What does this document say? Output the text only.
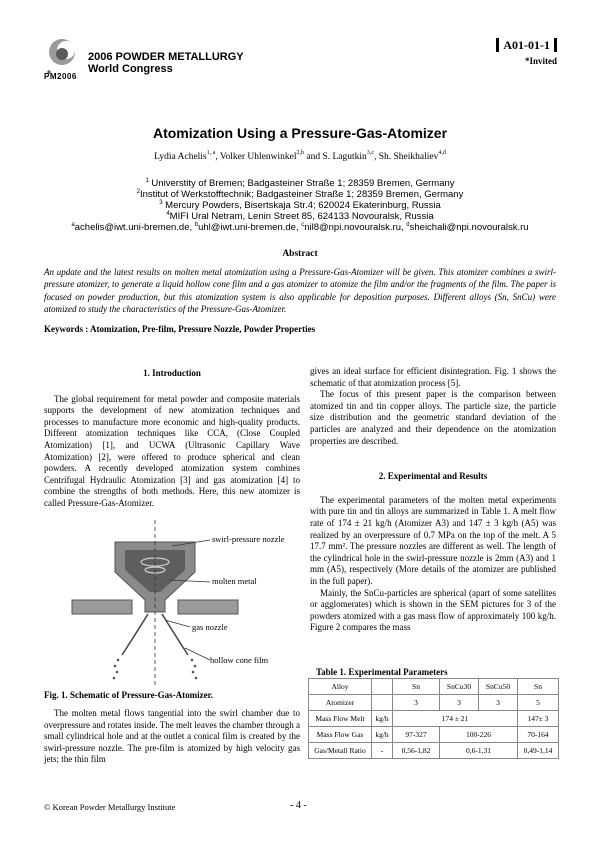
PM2006
2006 POWDER METALLURGY
World Congress
A01-01-1
*Invited
Atomization Using a Pressure-Gas-Atomizer
Lydia Achelis$^{1, a}$, Volker Uhlenwinkel$^{2,b}$ and S. Lagutkin$^{3,c}$, Sh. Sheikhaliev$^{4,d}$
$^1$ Universtity of Bremen; Badgasteiner Straße 1; 28359 Bremen, Germany
$^2$Institut of Werkstofftechnik; Badgasteiner Straße 1; 28359 Bremen, Germany
$^3$ Mercury Powders, Bisertskaja Str.4; 620024 Ekaterinburg, Russia
$^4$MIFI Ural Netram, Lenin Street 85, 624133 Novouralsk, Russia
$^a$achelis@iwt.uni-bremen.de, $^b$uhl@iwt.uni-bremen.de, $^c$nil8@npi.novouralsk.ru, $^d$sheichali@npi.novouralsk.ru
Abstract
An update and the latest results on molten metal atomization using a Pressure-Gas-Atomizer will be given. This atomizer combines a swirl-pressure atomizer, to generate a liquid hollow cone film and a gas atomizer to atomize the film and/or the fragments of the film. The paper is focused on powder production, but this atomization system is also applicable for deposition purposes. Different alloys (Sn, SnCu) were atomized to study the characteristics of the Pressure-Gas-Atomizer.
Keywords : Atomization, Pre-film, Pressure Nozzle, Powder Properties
1. Introduction

The global requirement for metal powder and composite materials supports the development of new atomization techniques and processes to manufacture more economic and high-quality products. Different atomization techniques like CCA, (Close Coupled Atomization) [1], and UCWA (Ultrasonic Capillary Wave Atomization) [2], were offered to produce spherical and clean powders. A recently developed atomization system combines Centrifugal Hydraulic Atomization [3] and gas atomization [4] to combine the strengths of both methods. Here, this new atomizer is called Pressure-Gas-Atomizer.

swirl-pressure nozzle
molten metal
gas nozzle
hollow cone film
Fig. 1. Schematic of Pressure-Gas-Atomizer.

The molten metal flows tangential into the swirl chamber due to overpressure and rotates inside. The melt leaves the chamber through a small cylindrical hole and at the outlet a conical film is created by the swirl-pressure nozzle. The pre-film is atomized by high velocity gas jets; the thin film

gives an ideal surface for efficient disintegration. Fig. 1 shows the schematic of that atomization process [5].

The focus of this present paper is the comparison between atomized tin and tin copper alloys. The particle size, the particle size distribution and the geometric standard deviation of the particles are analyzed and their dependence on the atomization properties are described.

2. Experimental and Results

The experimental parameters of the molten metal experiments with pure tin and tin alloys are summarized in Table 1. A melt flow rate of 174 ± 21 kg/h (Atomizer A3) and 147 ± 3 kg/h (A5) was realized by an overpressure of 0.7 MPa on the top of the melt. A 5 17.7 mm². The pressure nozzles are different as well. The length of the cylindrical hole in the swirl-pressure nozzle is 2mm (A3) and 1 mm (A5), respectively (More details of the atomizer are published in the full paper).

Mainly, the SnCu-particles are spherical (apart of some satellites or agglomerates) which is shown in the SEM pictures for 3 of the powders atomized with a gas mass flow of approximately 100 kg/h. Figure 2 compares the mass

Table 1. Experimental Parameters
Alloy		Sn	SnCu30	SnCu50	Sn
Atomizer		3	3	3	5
Mass Flow Melt	kg/h	174 ± 21			147± 3
Mass Flow Gas	kg/h	97-327	100-226		70-164
Gas/Metall Ratio	-	0,56-1,82	0,6-1,31		0,49-1,14
© Korean Powder Metallurgy Institute	- 4 -
